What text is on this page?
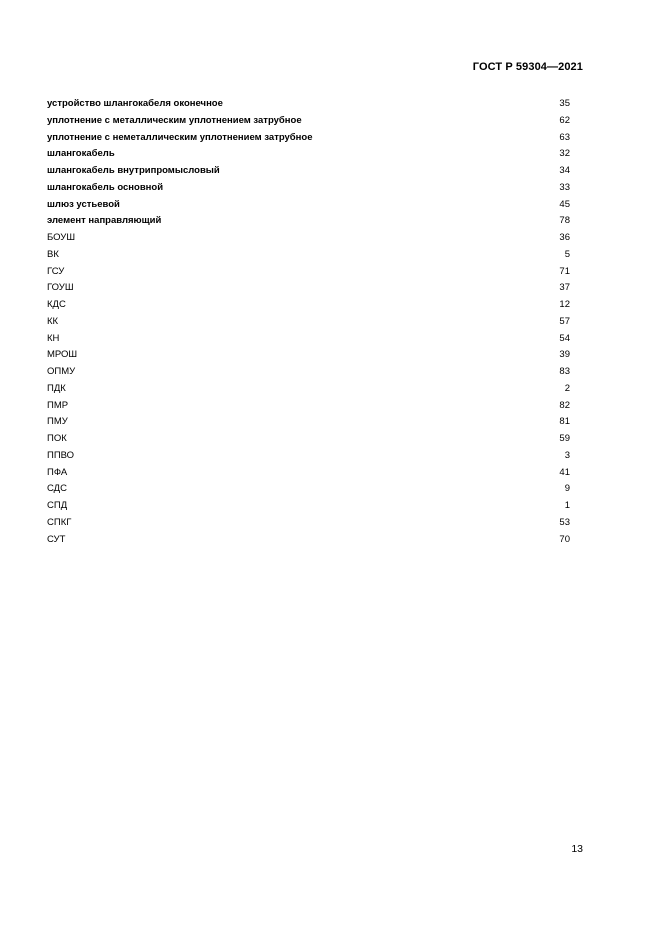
ГОСТ Р 59304—2021
устройство шлангокабеля оконечное	35
уплотнение с металлическим уплотнением затрубное	62
уплотнение с неметаллическим уплотнением затрубное	63
шлангокабель	32
шлангокабель внутрипромысловый	34
шлангокабель основной	33
шлюз устьевой	45
элемент направляющий	78
БОУШ	36
ВК	5
ГСУ	71
ГОУШ	37
КДС	12
КК	57
КН	54
МРОШ	39
ОПМУ	83
ПДК	2
ПМР	82
ПМУ	81
ПОК	59
ППВО	3
ПФА	41
СДС	9
СПД	1
СПКГ	53
СУТ	70
13
